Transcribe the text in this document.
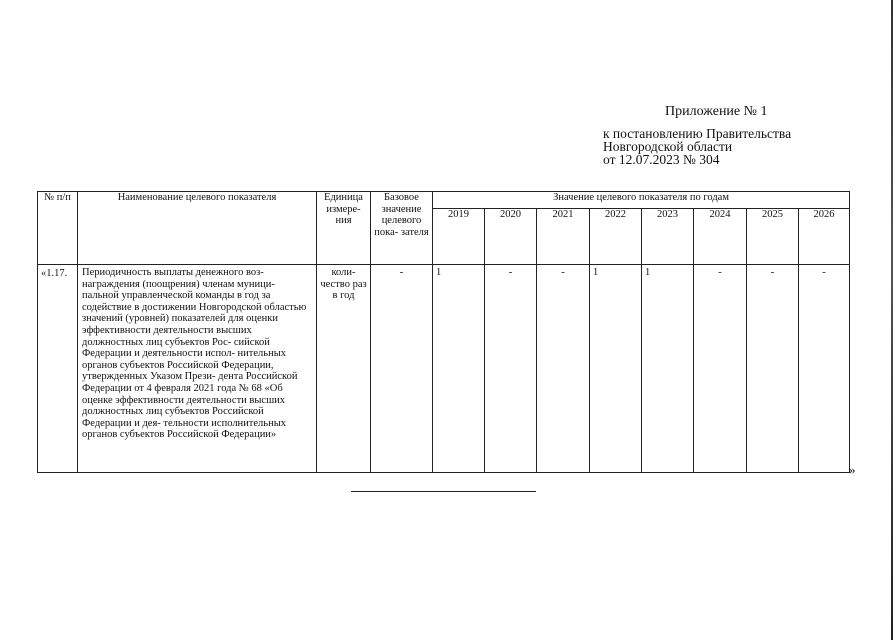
Приложение № 1
к постановлению Правительства
Новгородской области
от 12.07.2023 № 304
№ п/п	Наименование целевого показателя	Единица измере- ния	Базовое значение целевого пока- зателя	Значение целевого показателя по годам							
				2019	2020	2021	2022	2023	2024	2025	2026
«1.17.	Периодичность выплаты денежного воз- награждения (поощрения) членам муници- пальной управленческой команды в год за содействие в достижении Новгородской областью значений (уровней) показателей для оценки эффективности деятельности высших должностных лиц субъектов Рос- сийской Федерации и деятельности испол- нительных органов субъектов Российской Федерации, утвержденных Указом Прези- дента Российской Федерации от 4 февраля 2021 года № 68 «Об оценке эффективности деятельности высших должностных лиц субъектов Российской Федерации и дея- тельности исполнительных органов субъектов Российской Федерации»	коли- чество раз в год	-	1	-	-	1	1	-	-	-
»
